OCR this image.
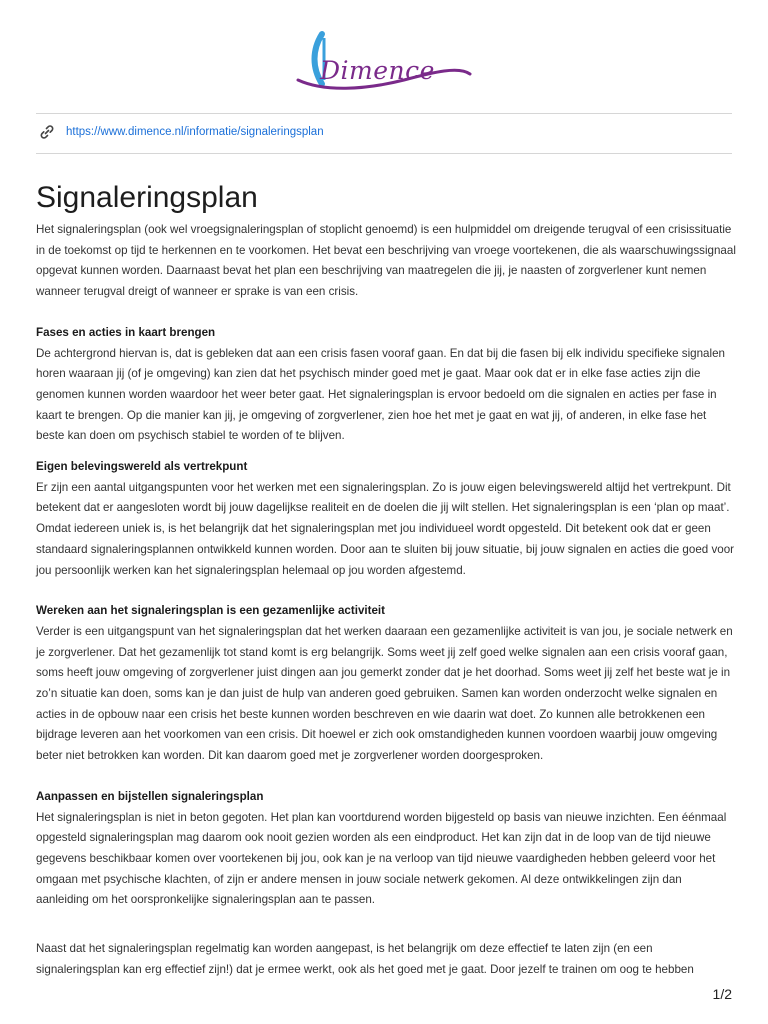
Dimence
https://www.dimence.nl/informatie/signaleringsplan
Signaleringsplan

Het signaleringsplan (ook wel vroegsignaleringsplan of stoplicht genoemd) is een hulpmiddel om dreigende terugval of een crisissituatie in de toekomst op tijd te herkennen en te voorkomen. Het bevat een beschrijving van vroege voortekenen, die als waarschuwingssignaal opgevat kunnen worden. Daarnaast bevat het plan een beschrijving van maatregelen die jij, je naasten of zorgverlener kunt nemen wanneer terugval dreigt of wanneer er sprake is van een crisis.

Fases en acties in kaart brengen

De achtergrond hiervan is, dat is gebleken dat aan een crisis fasen vooraf gaan. En dat bij die fasen bij elk individu specifieke signalen horen waaraan jij (of je omgeving) kan zien dat het psychisch minder goed met je gaat. Maar ook dat er in elke fase acties zijn die genomen kunnen worden waardoor het weer beter gaat. Het signaleringsplan is ervoor bedoeld om die signalen en acties per fase in kaart te brengen. Op die manier kan jij, je omgeving of zorgverlener, zien hoe het met je gaat en wat jij, of anderen, in elke fase het beste kan doen om psychisch stabiel te worden of te blijven.

Eigen belevingswereld als vertrekpunt

Er zijn een aantal uitgangspunten voor het werken met een signaleringsplan. Zo is jouw eigen belevingswereld altijd het vertrekpunt. Dit betekent dat er aangesloten wordt bij jouw dagelijkse realiteit en de doelen die jij wilt stellen. Het signaleringsplan is een ‘plan op maat’. Omdat iedereen uniek is, is het belangrijk dat het signaleringsplan met jou individueel wordt opgesteld. Dit betekent ook dat er geen standaard signaleringsplannen ontwikkeld kunnen worden. Door aan te sluiten bij jouw situatie, bij jouw signalen en acties die goed voor jou persoonlijk werken kan het signaleringsplan helemaal op jou worden afgestemd.

Wereken aan het signaleringsplan is een gezamenlijke activiteit

Verder is een uitgangspunt van het signaleringsplan dat het werken daaraan een gezamenlijke activiteit is van jou, je sociale netwerk en je zorgverlener. Dat het gezamenlijk tot stand komt is erg belangrijk. Soms weet jij zelf goed welke signalen aan een crisis vooraf gaan, soms heeft jouw omgeving of zorgverlener juist dingen aan jou gemerkt zonder dat je het doorhad. Soms weet jij zelf het beste wat je in zo’n situatie kan doen, soms kan je dan juist de hulp van anderen goed gebruiken. Samen kan worden onderzocht welke signalen en acties in de opbouw naar een crisis het beste kunnen worden beschreven en wie daarin wat doet. Zo kunnen alle betrokkenen een bijdrage leveren aan het voorkomen van een crisis. Dit hoewel er zich ook omstandigheden kunnen voordoen waarbij jouw omgeving beter niet betrokken kan worden. Dit kan daarom goed met je zorgverlener worden doorgesproken.

Aanpassen en bijstellen signaleringsplan

Het signaleringsplan is niet in beton gegoten. Het plan kan voortdurend worden bijgesteld op basis van nieuwe inzichten. Een éénmaal opgesteld signaleringsplan mag daarom ook nooit gezien worden als een eindproduct. Het kan zijn dat in de loop van de tijd nieuwe gegevens beschikbaar komen over voortekenen bij jou, ook kan je na verloop van tijd nieuwe vaardigheden hebben geleerd voor het omgaan met psychische klachten, of zijn er andere mensen in jouw sociale netwerk gekomen. Al deze ontwikkelingen zijn dan aanleiding om het oorspronkelijke signaleringsplan aan te passen.

Naast dat het signaleringsplan regelmatig kan worden aangepast, is het belangrijk om deze effectief te laten zijn (en een signaleringsplan kan erg effectief zijn!) dat je ermee werkt, ook als het goed met je gaat. Door jezelf te trainen om oog te hebben

1/2
